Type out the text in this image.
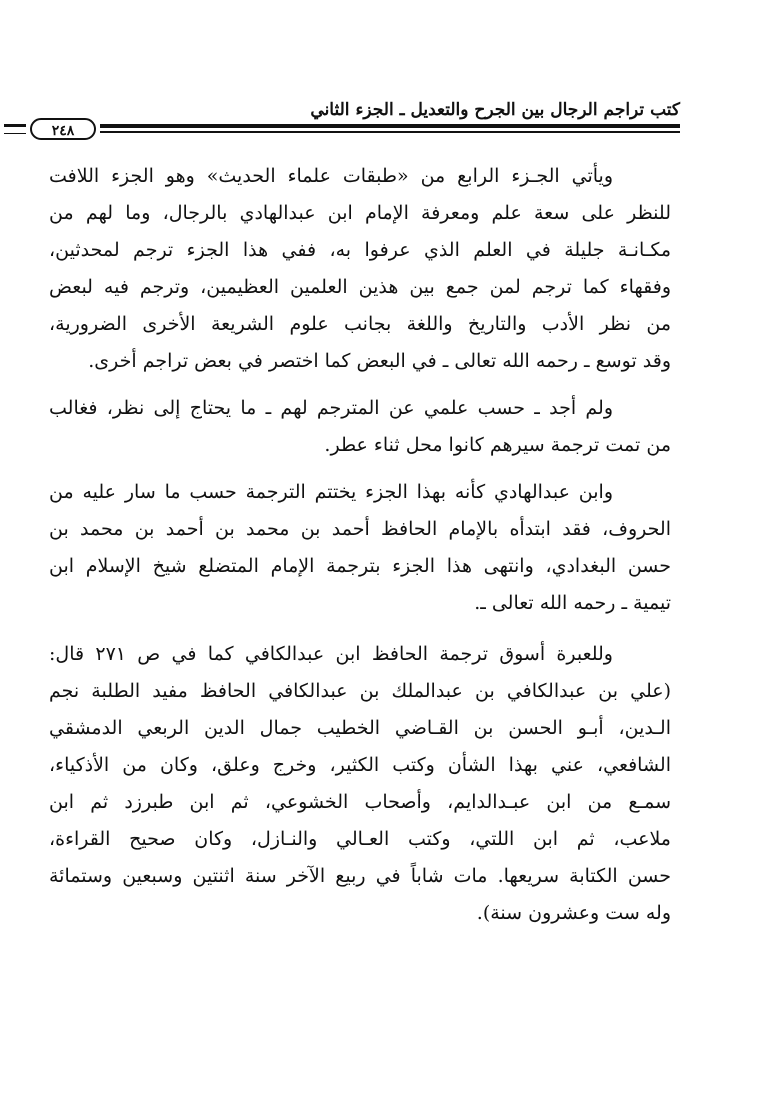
كتب تراجم الرجال بين الجرح والتعديل ـ الجزء الثاني
٢٤٨
ويأتي الجـزء الرابع من «طبقات علماء الحديث» وهو الجزء اللافت
للنظر على سعة علم ومعرفة الإمام ابن عبدالهادي بالرجال، وما لهم من
مكـانـة جليلة في العلم الذي عرفوا به، ففي هذا الجزء ترجم لمحدثين،
وفقهاء كما ترجم لمن جمع بين هذين العلمين العظيمين، وترجم فيه لبعض
من نظر الأدب والتاريخ واللغة بجانب علوم الشريعة الأخرى الضرورية،
وقد توسع ـ رحمه الله تعالى ـ في البعض كما اختصر في بعض تراجم أخرى.
ولم أجد ـ حسب علمي عن المترجم لهم ـ ما يحتاج إلى نظر، فغالب
من تمت ترجمة سيرهم كانوا محل ثناء عطر.
وابن عبدالهادي كأنه بهذا الجزء يختتم الترجمة حسب ما سار عليه من
الحروف، فقد ابتدأه بالإمام الحافظ أحمد بن محمد بن أحمد بن محمد بن
حسن البغدادي، وانتهى هذا الجزء بترجمة الإمام المتضلع شيخ الإسلام ابن
تيمية ـ رحمه الله تعالى ـ.
وللعبرة أسوق ترجمة الحافظ ابن عبدالكافي كما في ص ٢٧١ قال:
(علي بن عبدالكافي بن عبدالملك بن عبدالكافي الحافظ مفيد الطلبة نجم
الـدين، أبـو الحسن بن القـاضي الخطيب جمال الدين الربعي الدمشقي
الشافعي، عني بهذا الشأن وكتب الكثير، وخرج وعلق، وكان من الأذكياء،
سمـع من ابن عبـدالدايم، وأصحاب الخشوعي، ثم ابن طبرزد ثم ابن
ملاعب، ثم ابن اللتي، وكتب العـالي والنـازل، وكان صحيح القراءة،
حسن الكتابة سريعها. مات شاباً في ربيع الآخر سنة اثنتين وسبعين وستمائة
وله ست وعشرون سنة).
